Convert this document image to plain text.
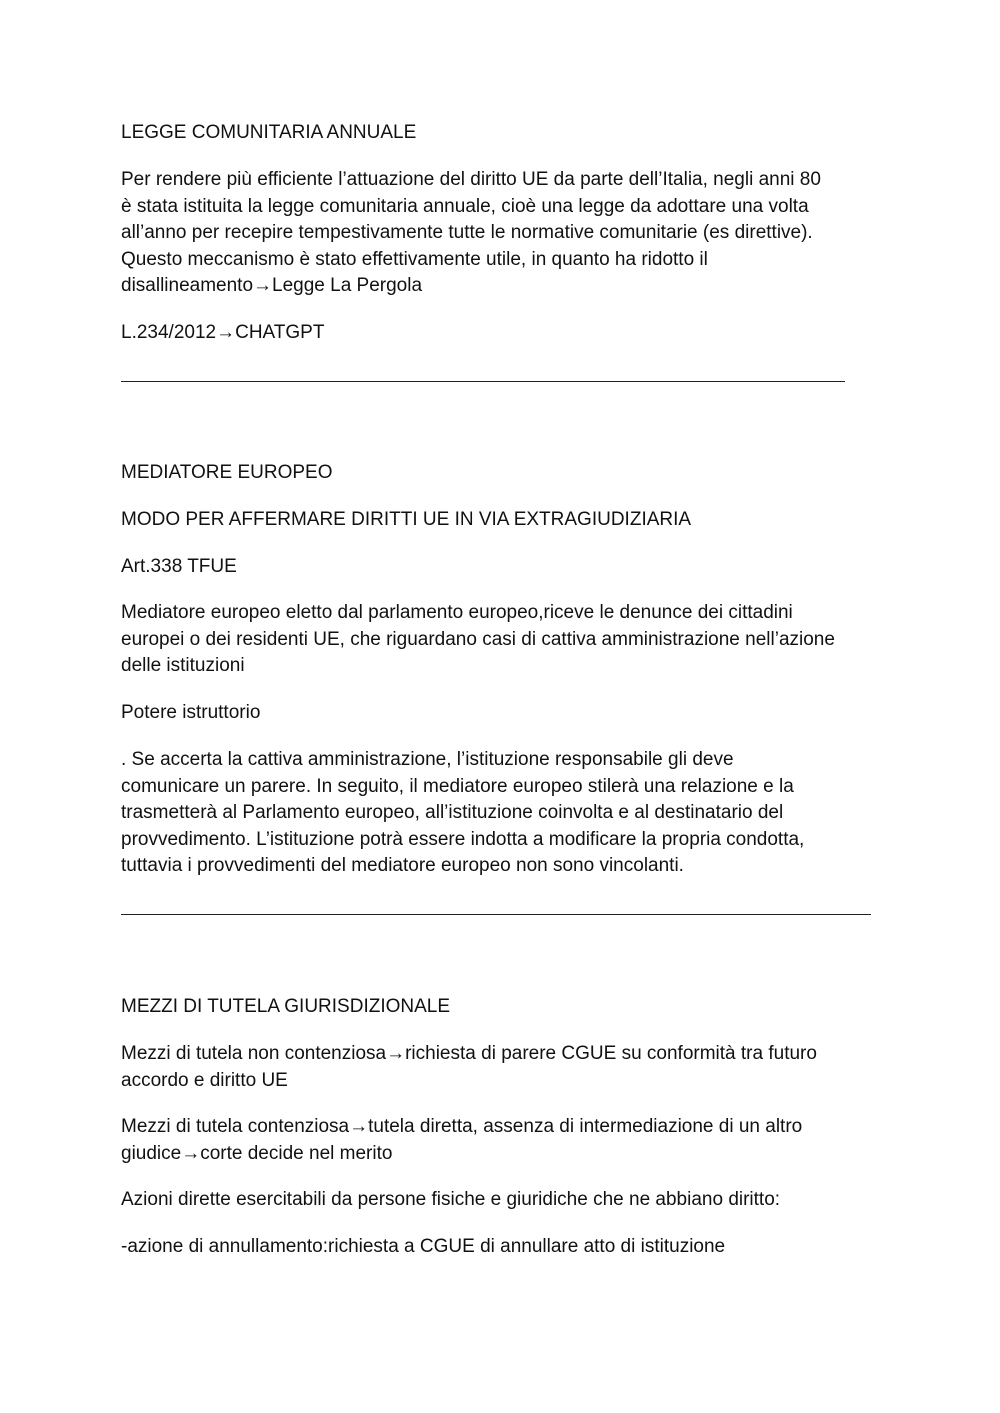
LEGGE COMUNITARIA ANNUALE

Per rendere più efficiente l’attuazione del diritto UE da parte dell’Italia, negli anni 80
è stata istituita la legge comunitaria annuale, cioè una legge da adottare una volta
all’anno per recepire tempestivamente tutte le normative comunitarie (es direttive).
Questo meccanismo è stato effettivamente utile, in quanto ha ridotto il
disallineamento→Legge La Pergola

L.234/2012→CHATGPT

MEDIATORE EUROPEO

MODO PER AFFERMARE DIRITTI UE IN VIA EXTRAGIUDIZIARIA

Art.338 TFUE

Mediatore europeo eletto dal parlamento europeo,riceve le denunce dei cittadini
europei o dei residenti UE, che riguardano casi di cattiva amministrazione nell’azione
delle istituzioni

Potere istruttorio

. Se accerta la cattiva amministrazione, l’istituzione responsabile gli deve
comunicare un parere. In seguito, il mediatore europeo stilerà una relazione e la
trasmetterà al Parlamento europeo, all’istituzione coinvolta e al destinatario del
provvedimento. L’istituzione potrà essere indotta a modificare la propria condotta,
tuttavia i provvedimenti del mediatore europeo non sono vincolanti.

MEZZI DI TUTELA GIURISDIZIONALE

Mezzi di tutela non contenziosa→richiesta di parere CGUE su conformità tra futuro
accordo e diritto UE
Mezzi di tutela contenziosa→tutela diretta, assenza di intermediazione di un altro
giudice→corte decide nel merito

Azioni dirette esercitabili da persone fisiche e giuridiche che ne abbiano diritto:

-azione di annullamento:richiesta a CGUE di annullare atto di istituzione
